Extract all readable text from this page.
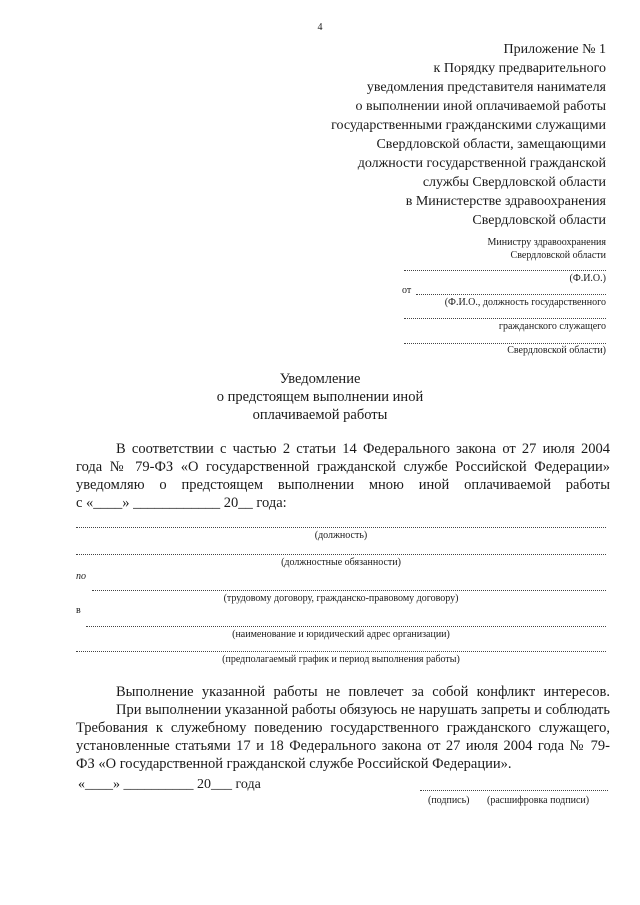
4
Приложение № 1
к Порядку предварительного
уведомления представителя нанимателя
о выполнении иной оплачиваемой работы
государственными гражданскими служащими
Свердловской области, замещающими
должности государственной гражданской
службы Свердловской области
в Министерстве здравоохранения
Свердловской области
Министру здравоохранения
Свердловской области
(Ф.И.О.)
от
(Ф.И.О., должность государственного
гражданского служащего
Свердловской области)
Уведомление
о предстоящем выполнении иной
оплачиваемой работы
В соответствии с частью 2 статьи 14 Федерального закона от 27 июля 2004
года № 79-ФЗ «О государственной гражданской службе Российской Федерации»
уведомляю о предстоящем выполнении мною иной оплачиваемой работы
с «____» ____________ 20__ года:
(должность)
(должностные обязанности)
по
(трудовому договору, гражданско-правовому договору)
в
(наименование и юридический адрес организации)
(предполагаемый график и период выполнения работы)
Выполнение указанной работы не повлечет за собой конфликт интересов.
При выполнении указанной работы обязуюсь не нарушать запреты и соблюдать
Требования к служебному поведению государственного гражданского служащего,
установленные статьями 17 и 18 Федерального закона от 27 июля 2004 года № 79-
ФЗ «О государственной гражданской службе Российской Федерации».
«____» __________ 20___ года
(подпись) (расшифровка подписи)
